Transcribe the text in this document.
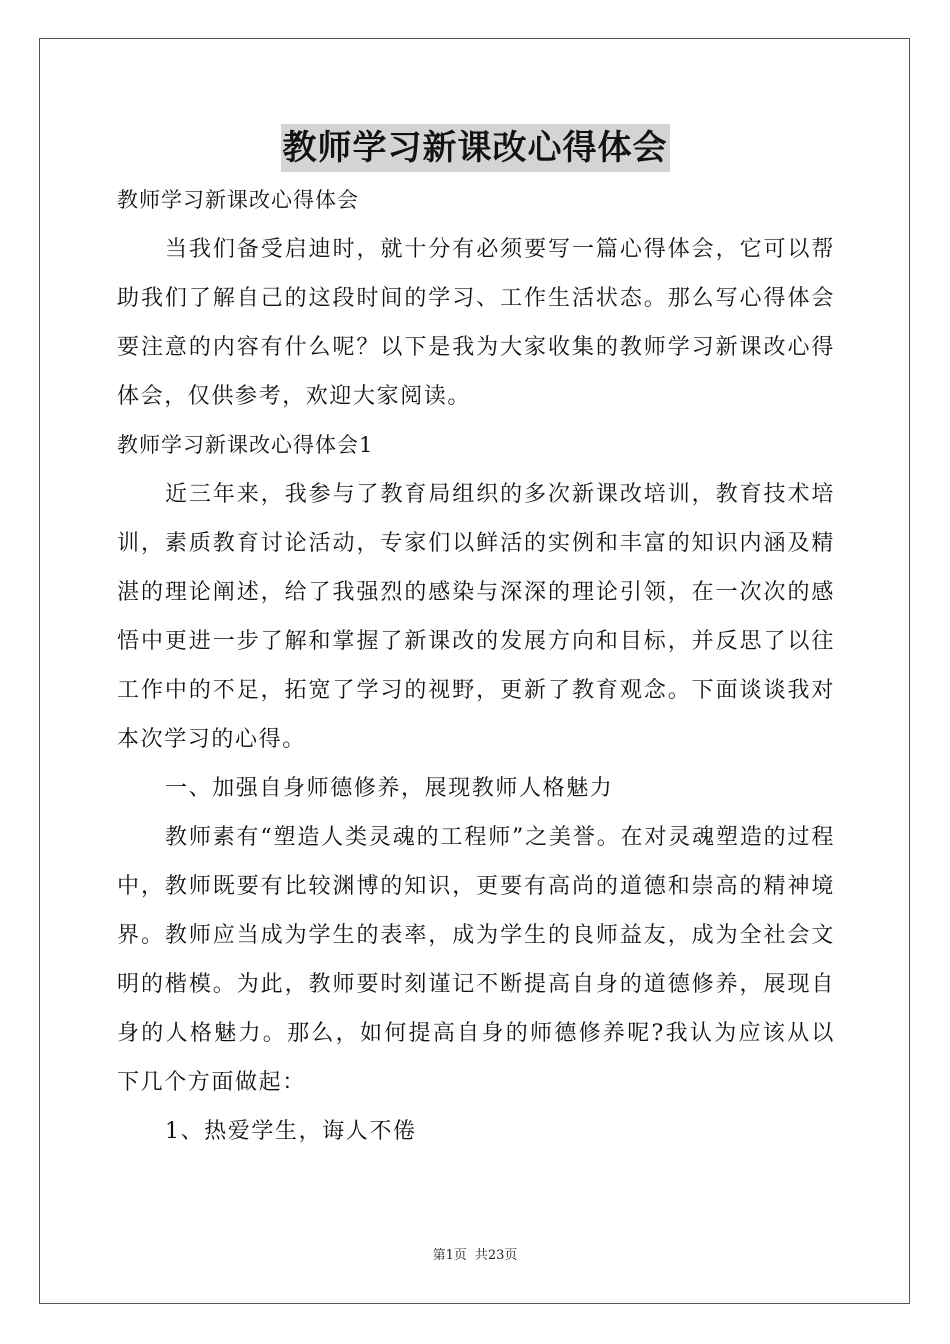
教师学习新课改心得体会

教师学习新课改心得体会

当我们备受启迪时，就十分有必须要写一篇心得体会，它可以帮助我们了解自己的这段时间的学习、工作生活状态。那么写心得体会要注意的内容有什么呢？以下是我为大家收集的教师学习新课改心得体会，仅供参考，欢迎大家阅读。

教师学习新课改心得体会1

近三年来，我参与了教育局组织的多次新课改培训，教育技术培训，素质教育讨论活动，专家们以鲜活的实例和丰富的知识内涵及精湛的理论阐述，给了我强烈的感染与深深的理论引领，在一次次的感悟中更进一步了解和掌握了新课改的发展方向和目标，并反思了以往工作中的不足，拓宽了学习的视野，更新了教育观念。下面谈谈我对本次学习的心得。

一、加强自身师德修养，展现教师人格魅力

教师素有“塑造人类灵魂的工程师”之美誉。在对灵魂塑造的过程中，教师既要有比较渊博的知识，更要有高尚的道德和崇高的精神境界。教师应当成为学生的表率，成为学生的良师益友，成为全社会文明的楷模。为此，教师要时刻谨记不断提高自身的道德修养，展现自身的人格魅力。那么，如何提高自身的师德修养呢?我认为应该从以下几个方面做起：

1、热爱学生，诲人不倦

第1页 共23页
